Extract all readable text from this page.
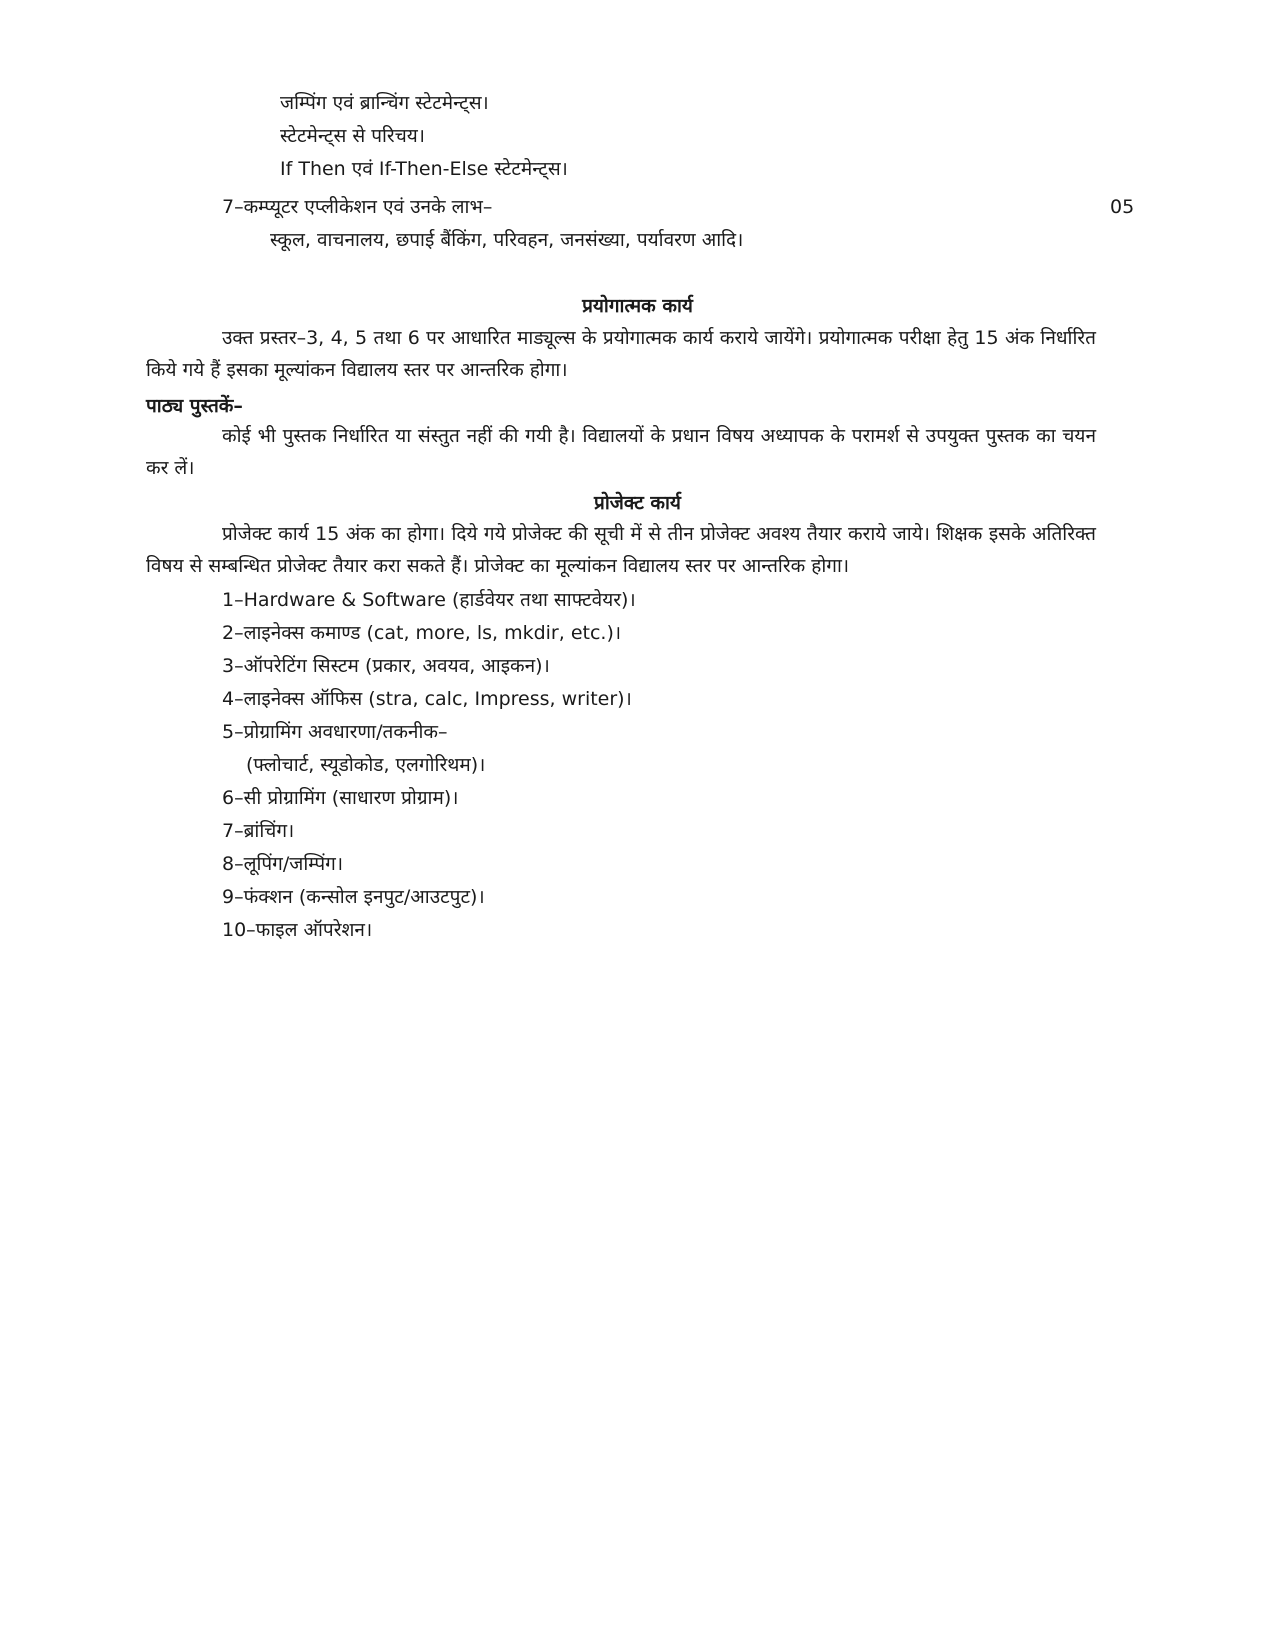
जम्पिंग एवं ब्रान्चिंग स्टेटमेन्ट्स।

स्टेटमेन्ट्स से परिचय।

If Then एवं If-Then-Else स्टेटमेन्ट्स।

7–कम्प्यूटर एप्लीकेशन एवं उनके लाभ–	05

स्कूल, वाचनालय, छपाई बैंकिंग, परिवहन, जनसंख्या, पर्यावरण आदि।

प्रयोगात्मक कार्य

उक्त प्रस्तर–3, 4, 5 तथा 6 पर आधारित माड्यूल्स के प्रयोगात्मक कार्य कराये जायेंगे। प्रयोगात्मक परीक्षा हेतु 15 अंक निर्धारित किये गये हैं इसका मूल्यांकन विद्यालय स्तर पर आन्तरिक होगा।

पाठ्य पुस्तकें–

कोई भी पुस्तक निर्धारित या संस्तुत नहीं की गयी है। विद्यालयों के प्रधान विषय अध्यापक के परामर्श से उपयुक्त पुस्तक का चयन कर लें।

प्रोजेक्ट कार्य

प्रोजेक्ट कार्य 15 अंक का होगा। दिये गये प्रोजेक्ट की सूची में से तीन प्रोजेक्ट अवश्य तैयार कराये जाये। शिक्षक इसके अतिरिक्त विषय से सम्बन्धित प्रोजेक्ट तैयार करा सकते हैं। प्रोजेक्ट का मूल्यांकन विद्यालय स्तर पर आन्तरिक होगा।

1–Hardware & Software (हार्डवेयर तथा साफ्टवेयर)।

2–लाइनेक्स कमाण्ड (cat, more, ls, mkdir, etc.)।

3–ऑपरेटिंग सिस्टम (प्रकार, अवयव, आइकन)।

4–लाइनेक्स ऑफिस (stra, calc, Impress, writer)।

5–प्रोग्रामिंग अवधारणा/तकनीक–

(फ्लोचार्ट, स्यूडोकोड, एलगोरिथम)।

6–सी प्रोग्रामिंग (साधारण प्रोग्राम)।

7–ब्रांचिंग।

8–लूपिंग/जम्पिंग।

9–फंक्शन (कन्सोल इनपुट/आउटपुट)।

10–फाइल ऑपरेशन।
